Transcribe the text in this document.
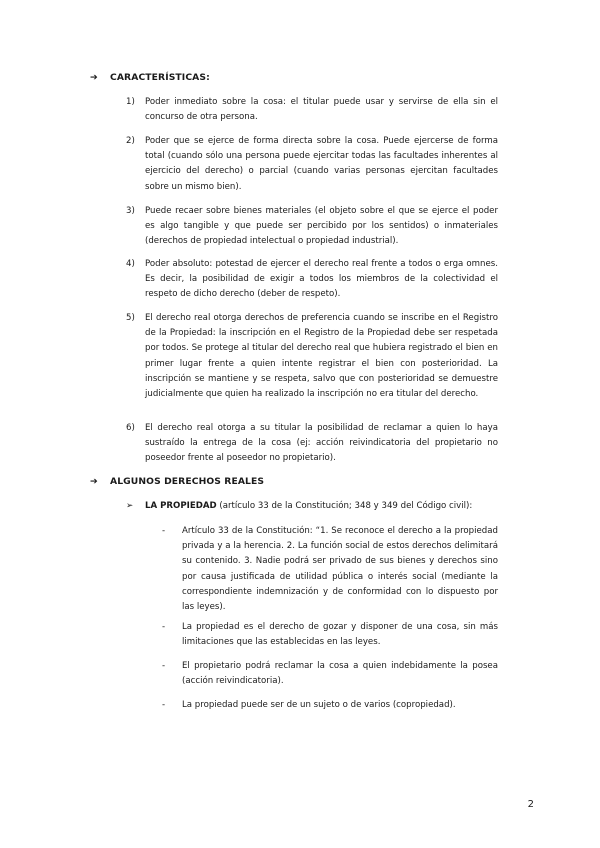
➔ CARACTERÍSTICAS:
1)	Poder inmediato sobre la cosa: el titular puede usar y servirse de ella sin el concurso de otra persona.
2)	Poder que se ejerce de forma directa sobre la cosa. Puede ejercerse de forma total (cuando sólo una persona puede ejercitar todas las facultades inherentes al ejercicio del derecho) o parcial (cuando varias personas ejercitan facultades sobre un mismo bien).
3)	Puede recaer sobre bienes materiales (el objeto sobre el que se ejerce el poder es algo tangible y que puede ser percibido por los sentidos) o inmateriales (derechos de propiedad intelectual o propiedad industrial).
4)	Poder absoluto: potestad de ejercer el derecho real frente a todos o erga omnes. Es decir, la posibilidad de exigir a todos los miembros de la colectividad el respeto de dicho derecho (deber de respeto).
5)	El derecho real otorga derechos de preferencia cuando se inscribe en el Registro de la Propiedad: la inscripción en el Registro de la Propiedad debe ser respetada por todos. Se protege al titular del derecho real que hubiera registrado el bien en primer lugar frente a quien intente registrar el bien con posterioridad. La inscripción se mantiene y se respeta, salvo que con posterioridad se demuestre judicialmente que quien ha realizado la inscripción no era titular del derecho.
6)	El derecho real otorga a su titular la posibilidad de reclamar a quien lo haya sustraído la entrega de la cosa (ej: acción reivindicatoria del propietario no poseedor frente al poseedor no propietario).
➔ ALGUNOS DERECHOS REALES
➢ LA PROPIEDAD (artículo 33 de la Constitución; 348 y 349 del Código civil):
-	Artículo 33 de la Constitución: “1. Se reconoce el derecho a la propiedad privada y a la herencia. 2. La función social de estos derechos delimitará su contenido. 3. Nadie podrá ser privado de sus bienes y derechos sino por causa justificada de utilidad pública o interés social (mediante la correspondiente indemnización y de conformidad con lo dispuesto por las leyes).
-	La propiedad es el derecho de gozar y disponer de una cosa, sin más limitaciones que las establecidas en las leyes.
-	El propietario podrá reclamar la cosa a quien indebidamente la posea (acción reivindicatoria).
-	La propiedad puede ser de un sujeto o de varios (copropiedad).
2
